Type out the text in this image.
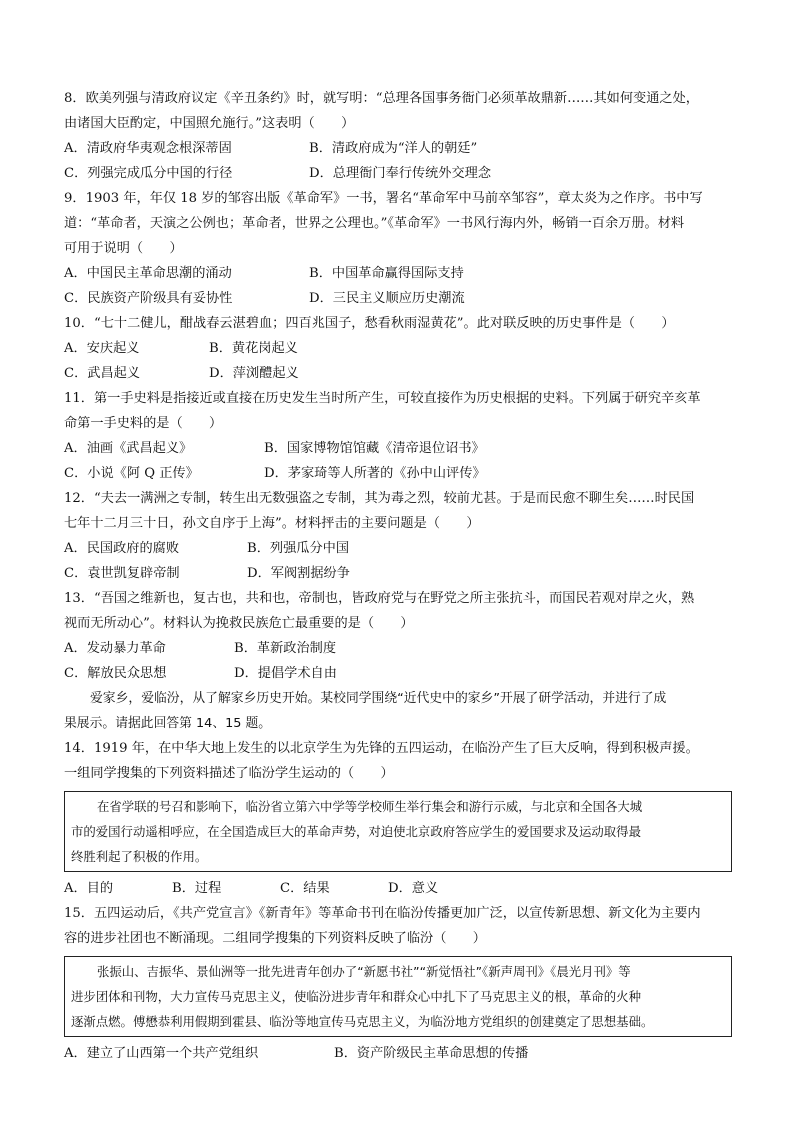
8．欧美列强与清政府议定《辛丑条约》时，就写明：“总理各国事务衙门必须革故鼎新……其如何变通之处，
由诸国大臣酌定，中国照允施行。”这表明（　　）
A．清政府华夷观念根深蒂固	B．清政府成为“洋人的朝廷”
C．列强完成瓜分中国的行径	D．总理衙门奉行传统外交理念
9．1903 年，年仅 18 岁的邹容出版《革命军》一书，署名“革命军中马前卒邹容”，章太炎为之作序。书中写
道：“革命者，天演之公例也；革命者，世界之公理也。”《革命军》一书风行海内外，畅销一百余万册。材料
可用于说明（　　）
A．中国民主革命思潮的涌动	B．中国革命赢得国际支持
C．民族资产阶级具有妥协性	D．三民主义顺应历史潮流
10．“七十二健儿，酣战春云湛碧血；四百兆国子，愁看秋雨湿黄花”。此对联反映的历史事件是（　　）
A．安庆起义	B．黄花岗起义
C．武昌起义	D．萍浏醴起义
11．第一手史料是指接近或直接在历史发生当时所产生，可较直接作为历史根据的史料。下列属于研究辛亥革
命第一手史料的是（　　）
A．油画《武昌起义》	B．国家博物馆馆藏《清帝退位诏书》
C．小说《阿 Q 正传》	D．茅家琦等人所著的《孙中山评传》
12．“夫去一满洲之专制，转生出无数强盗之专制，其为毒之烈，较前尤甚。于是而民愈不聊生矣……时民国
七年十二月三十日，孙文自序于上海”。材料抨击的主要问题是（　　）
A．民国政府的腐败	B．列强瓜分中国
C．袁世凯复辟帝制	D．军阀割据纷争
13．“吾国之维新也，复古也，共和也，帝制也，皆政府党与在野党之所主张抗斗，而国民若观对岸之火，熟
视而无所动心”。材料认为挽救民族危亡最重要的是（　　）
A．发动暴力革命	B．革新政治制度
C．解放民众思想	D．提倡学术自由
爱家乡，爱临汾，从了解家乡历史开始。某校同学围绕“近代史中的家乡”开展了研学活动，并进行了成
果展示。请据此回答第 14、15 题。
14．1919 年，在中华大地上发生的以北京学生为先锋的五四运动，在临汾产生了巨大反响，得到积极声援。
一组同学搜集的下列资料描述了临汾学生运动的（　　）
在省学联的号召和影响下，临汾省立第六中学等学校师生举行集会和游行示威，与北京和全国各大城
市的爱国行动遥相呼应，在全国造成巨大的革命声势，对迫使北京政府答应学生的爱国要求及运动取得最
终胜利起了积极的作用。
A．目的	B．过程	C．结果	D．意义
15．五四运动后，《共产党宣言》《新青年》等革命书刊在临汾传播更加广泛，以宣传新思想、新文化为主要内
容的进步社团也不断涌现。二组同学搜集的下列资料反映了临汾（　　）
张振山、吉振华、景仙洲等一批先进青年创办了“新愿书社”“新觉悟社”《新声周刊》《晨光月刊》等
进步团体和刊物，大力宣传马克思主义，使临汾进步青年和群众心中扎下了马克思主义的根，革命的火种
逐渐点燃。傅懋恭利用假期到霍县、临汾等地宣传马克思主义，为临汾地方党组织的创建奠定了思想基础。
A．建立了山西第一个共产党组织	B．资产阶级民主革命思想的传播
